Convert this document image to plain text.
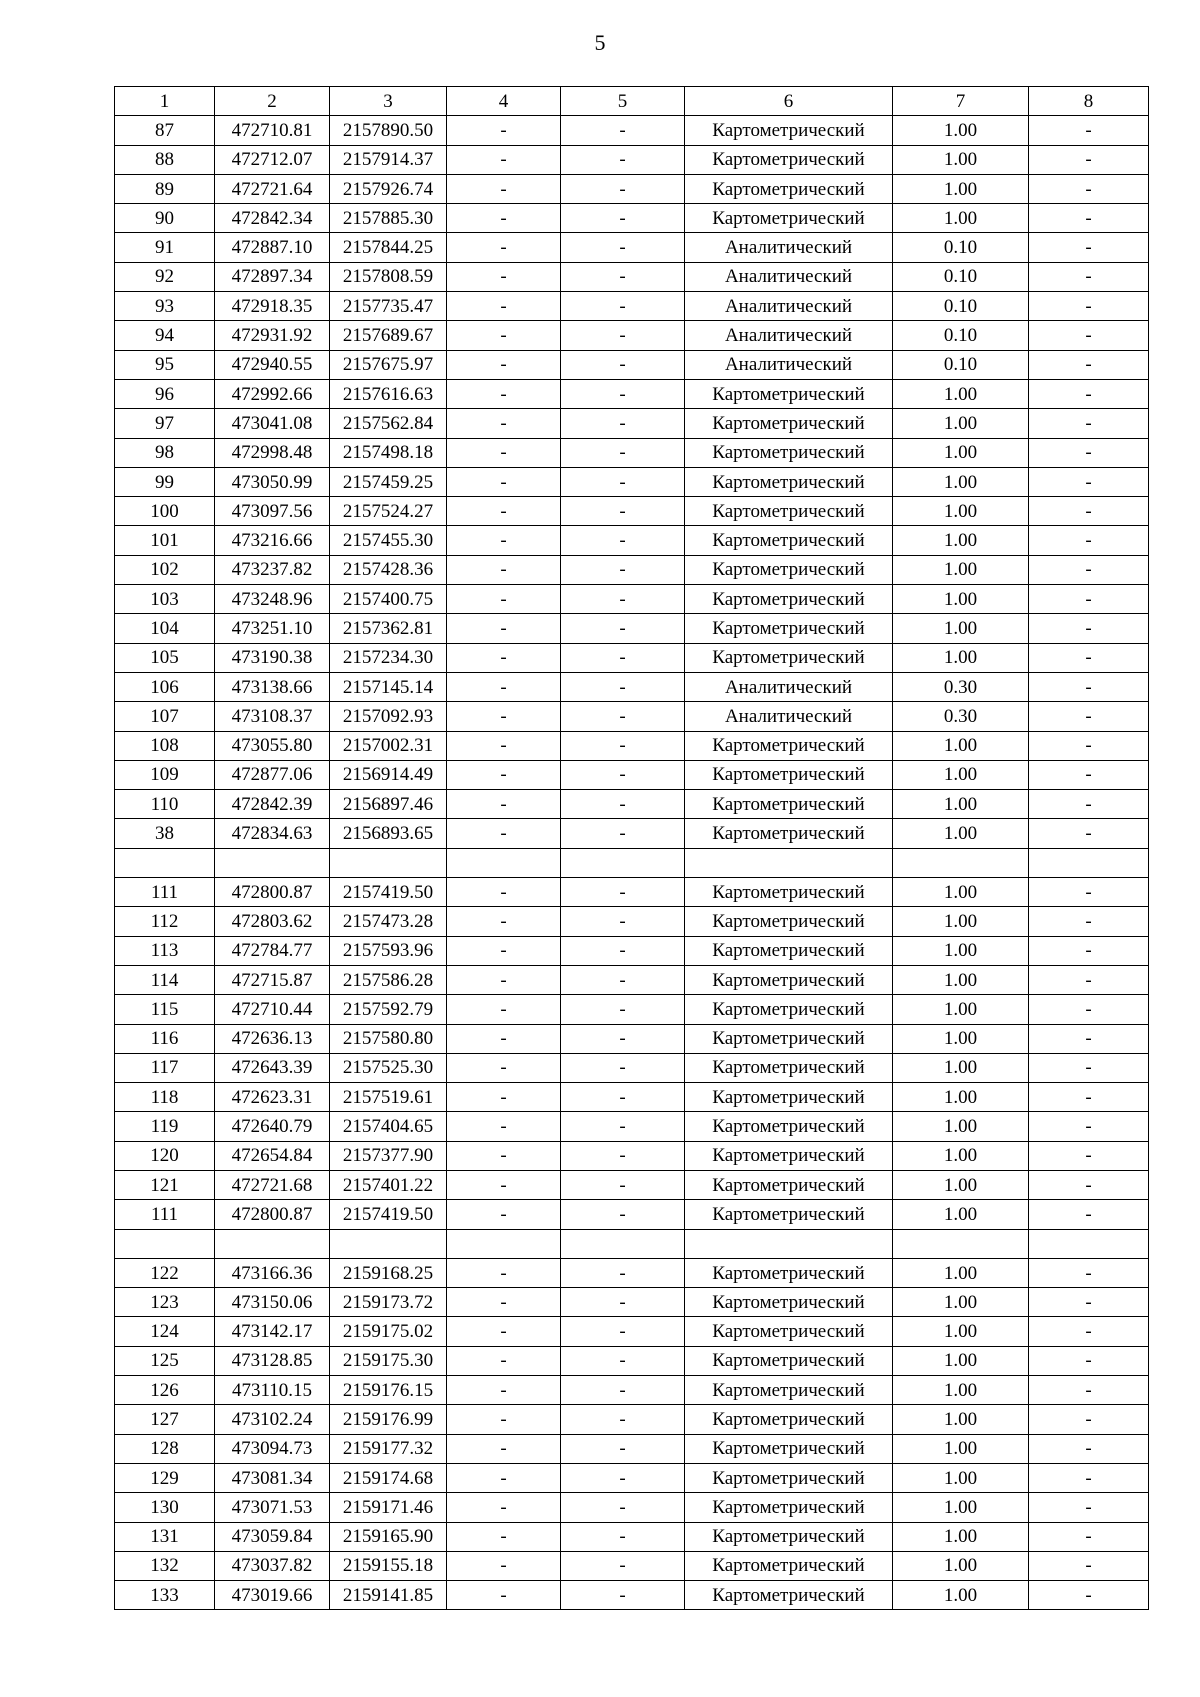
5
1	2	3	4	5	6	7	8
87	472710.81	2157890.50	-	-	Картометрический	1.00	-
88	472712.07	2157914.37	-	-	Картометрический	1.00	-
89	472721.64	2157926.74	-	-	Картометрический	1.00	-
90	472842.34	2157885.30	-	-	Картометрический	1.00	-
91	472887.10	2157844.25	-	-	Аналитический	0.10	-
92	472897.34	2157808.59	-	-	Аналитический	0.10	-
93	472918.35	2157735.47	-	-	Аналитический	0.10	-
94	472931.92	2157689.67	-	-	Аналитический	0.10	-
95	472940.55	2157675.97	-	-	Аналитический	0.10	-
96	472992.66	2157616.63	-	-	Картометрический	1.00	-
97	473041.08	2157562.84	-	-	Картометрический	1.00	-
98	472998.48	2157498.18	-	-	Картометрический	1.00	-
99	473050.99	2157459.25	-	-	Картометрический	1.00	-
100	473097.56	2157524.27	-	-	Картометрический	1.00	-
101	473216.66	2157455.30	-	-	Картометрический	1.00	-
102	473237.82	2157428.36	-	-	Картометрический	1.00	-
103	473248.96	2157400.75	-	-	Картометрический	1.00	-
104	473251.10	2157362.81	-	-	Картометрический	1.00	-
105	473190.38	2157234.30	-	-	Картометрический	1.00	-
106	473138.66	2157145.14	-	-	Аналитический	0.30	-
107	473108.37	2157092.93	-	-	Аналитический	0.30	-
108	473055.80	2157002.31	-	-	Картометрический	1.00	-
109	472877.06	2156914.49	-	-	Картометрический	1.00	-
110	472842.39	2156897.46	-	-	Картометрический	1.00	-
38	472834.63	2156893.65	-	-	Картометрический	1.00	-

111	472800.87	2157419.50	-	-	Картометрический	1.00	-
112	472803.62	2157473.28	-	-	Картометрический	1.00	-
113	472784.77	2157593.96	-	-	Картометрический	1.00	-
114	472715.87	2157586.28	-	-	Картометрический	1.00	-
115	472710.44	2157592.79	-	-	Картометрический	1.00	-
116	472636.13	2157580.80	-	-	Картометрический	1.00	-
117	472643.39	2157525.30	-	-	Картометрический	1.00	-
118	472623.31	2157519.61	-	-	Картометрический	1.00	-
119	472640.79	2157404.65	-	-	Картометрический	1.00	-
120	472654.84	2157377.90	-	-	Картометрический	1.00	-
121	472721.68	2157401.22	-	-	Картометрический	1.00	-
111	472800.87	2157419.50	-	-	Картометрический	1.00	-

122	473166.36	2159168.25	-	-	Картометрический	1.00	-
123	473150.06	2159173.72	-	-	Картометрический	1.00	-
124	473142.17	2159175.02	-	-	Картометрический	1.00	-
125	473128.85	2159175.30	-	-	Картометрический	1.00	-
126	473110.15	2159176.15	-	-	Картометрический	1.00	-
127	473102.24	2159176.99	-	-	Картометрический	1.00	-
128	473094.73	2159177.32	-	-	Картометрический	1.00	-
129	473081.34	2159174.68	-	-	Картометрический	1.00	-
130	473071.53	2159171.46	-	-	Картометрический	1.00	-
131	473059.84	2159165.90	-	-	Картометрический	1.00	-
132	473037.82	2159155.18	-	-	Картометрический	1.00	-
133	473019.66	2159141.85	-	-	Картометрический	1.00	-
